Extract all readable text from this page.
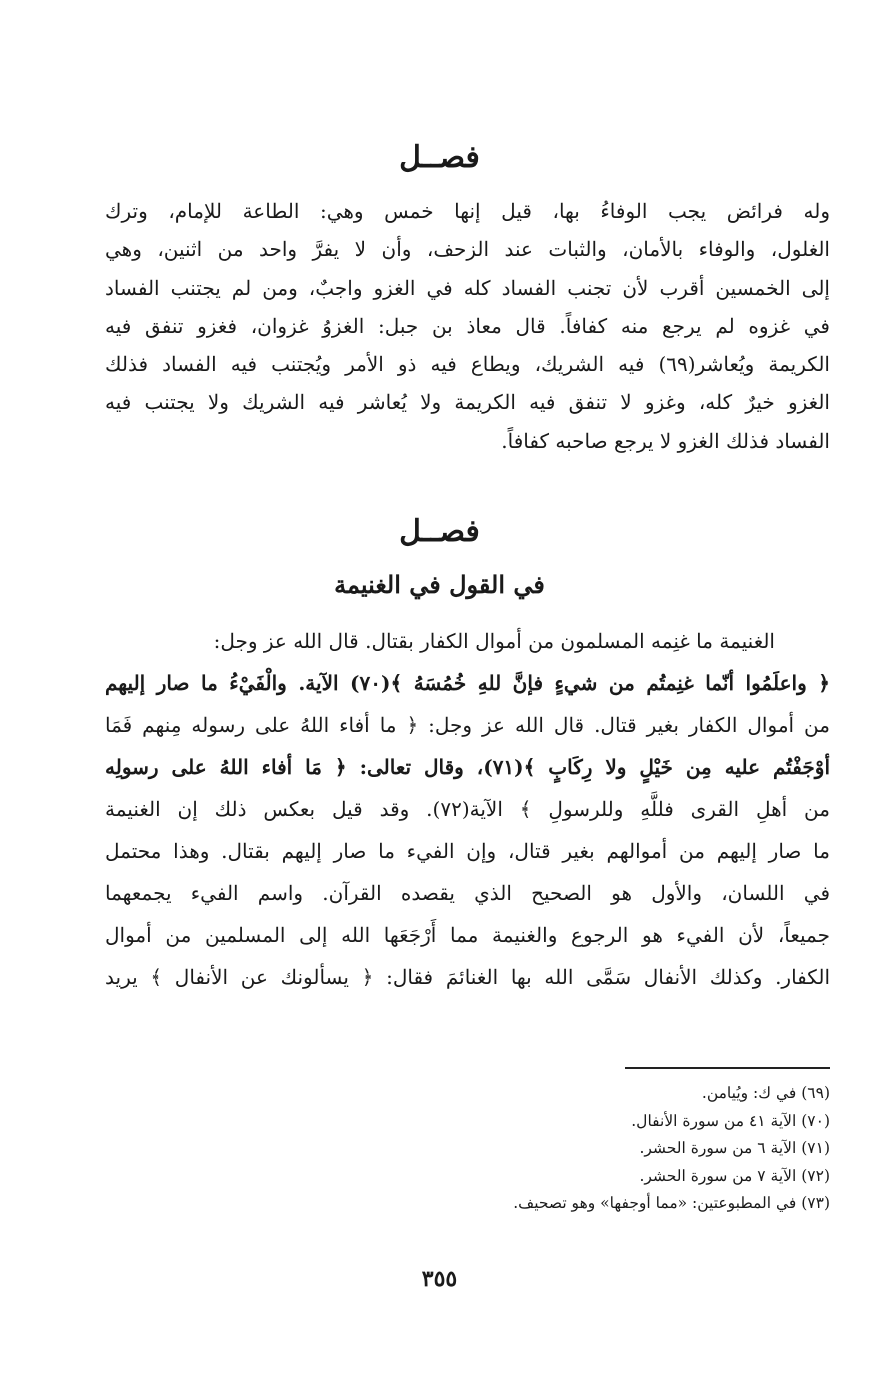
فصــل
وله فرائض يجب الوفاءُ بها، قيل إنها خمس وهي: الطاعة للإمام، وترك
الغلول، والوفاء بالأمان، والثبات عند الزحف، وأن لا يفرَّ واحد من اثنين، وهي
إلى الخمسين أقرب لأن تجنب الفساد كله في الغزو واجبٌ، ومن لم يجتنب الفساد
في غزوه لم يرجع منه كفافاً. قال معاذ بن جبل: الغزوُ غزوان، فغزو تنفق فيه
الكريمة ويُعاشر(٦٩) فيه الشريك، ويطاع فيه ذو الأمر ويُجتنب فيه الفساد فذلك
الغزو خيرٌ كله، وغزو لا تنفق فيه الكريمة ولا يُعاشر فيه الشريك ولا يجتنب فيه
الفساد فذلك الغزو لا يرجع صاحبه كفافاً.
فصــل
في القول في الغنيمة
الغنيمة ما غنِمه المسلمون من أموال الكفار بقتال. قال الله عز وجل:
﴿ واعلَمُوا أنّما غنِمتُم من شيءٍ فإنَّ للهِ خُمُسَهُ ﴾(٧٠) الآية. والْفَيْءُ ما صار إليهم
من أموال الكفار بغير قتال. قال الله عز وجل: ﴿ ما أفاء اللهُ على رسوله مِنهم فَمَا
أوْجَفْتُم عليه مِن خَيْلٍ ولا رِكَابٍ ﴾(٧١)، وقال تعالى: ﴿ مَا أفاء اللهُ على رسولِه
من أهلِ القرى فللَّهِ وللرسولِ ﴾ الآية(٧٢). وقد قيل بعكس ذلك إن الغنيمة
ما صار إليهم من أموالهم بغير قتال، وإن الفيء ما صار إليهم بقتال. وهذا محتمل
في اللسان، والأول هو الصحيح الذي يقصده القرآن. واسم الفيء يجمعهما
جميعاً، لأن الفيء هو الرجوع والغنيمة مما أَرْجَعَها الله إلى المسلمين من أموال
الكفار. وكذلك الأنفال سَمَّى الله بها الغنائمَ فقال: ﴿ يسألونك عن الأنفال ﴾ يريد
(٦٩) في ك: ويُيامن.
(٧٠) الآية ٤١ من سورة الأنفال.
(٧١) الآية ٦ من سورة الحشر.
(٧٢) الآية ٧ من سورة الحشر.
(٧٣) في المطبوعتين: «مما أوجفها» وهو تصحيف.
٣٥٥
